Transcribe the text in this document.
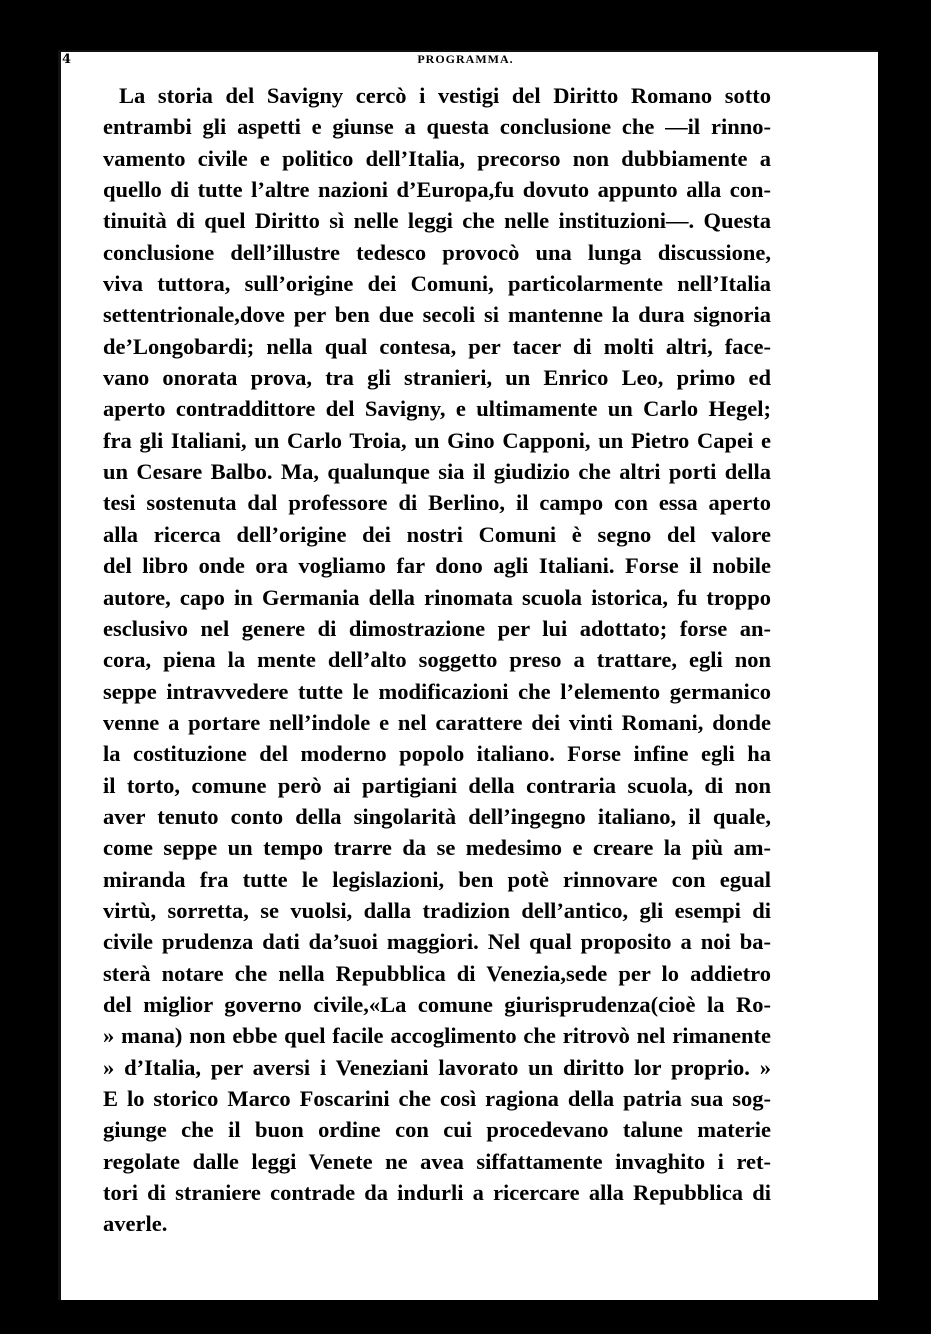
4	PROGRAMMA.
La storia del Savigny cercò i vestigi del Diritto Romano sotto
entrambi gli aspetti e giunse a questa conclusione che —il rinno-
vamento civile e politico dell’Italia, precorso non dubbiamente a
quello di tutte l’altre nazioni d’Europa,fu dovuto appunto alla con-
tinuità di quel Diritto sì nelle leggi che nelle instituzioni—. Questa
conclusione dell’illustre tedesco provocò una lunga discussione,
viva tuttora, sull’origine dei Comuni, particolarmente nell’Italia
settentrionale,dove per ben due secoli si mantenne la dura signoria
de’Longobardi; nella qual contesa, per tacer di molti altri, face-
vano onorata prova, tra gli stranieri, un Enrico Leo, primo ed
aperto contraddittore del Savigny, e ultimamente un Carlo Hegel;
fra gli Italiani, un Carlo Troia, un Gino Capponi, un Pietro Capei e
un Cesare Balbo. Ma, qualunque sia il giudizio che altri porti della
tesi sostenuta dal professore di Berlino, il campo con essa aperto
alla ricerca dell’origine dei nostri Comuni è segno del valore
del libro onde ora vogliamo far dono agli Italiani. Forse il nobile
autore, capo in Germania della rinomata scuola istorica, fu troppo
esclusivo nel genere di dimostrazione per lui adottato; forse an-
cora, piena la mente dell’alto soggetto preso a trattare, egli non
seppe intravvedere tutte le modificazioni che l’elemento germanico
venne a portare nell’indole e nel carattere dei vinti Romani, donde
la costituzione del moderno popolo italiano. Forse infine egli ha
il torto, comune però ai partigiani della contraria scuola, di non
aver tenuto conto della singolarità dell’ingegno italiano, il quale,
come seppe un tempo trarre da se medesimo e creare la più am-
miranda fra tutte le legislazioni, ben potè rinnovare con egual
virtù, sorretta, se vuolsi, dalla tradizion dell’antico, gli esempi di
civile prudenza dati da’suoi maggiori. Nel qual proposito a noi ba-
sterà notare che nella Repubblica di Venezia,sede per lo addietro
del miglior governo civile,«La comune giurisprudenza(cioè la Ro-
» mana) non ebbe quel facile accoglimento che ritrovò nel rimanente
» d’Italia, per aversi i Veneziani lavorato un diritto lor proprio. »
E lo storico Marco Foscarini che così ragiona della patria sua sog-
giunge che il buon ordine con cui procedevano talune materie
regolate dalle leggi Venete ne avea siffattamente invaghito i ret-
tori di straniere contrade da indurli a ricercare alla Repubblica di
averle.
